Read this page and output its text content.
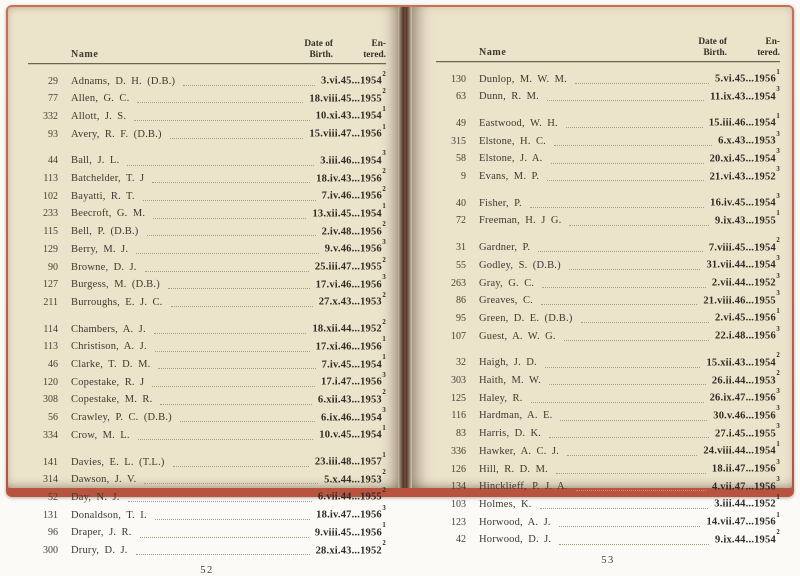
Name
Date of
Birth.
En-
tered.
29 Adnams, D. H. (D.B.)	3.vi.45...1954$^2$
77 Allen, G. C.	18.viii.45...1955$^2$
332 Allott, J. S.	10.xi.43...1954$^1$
93 Avery, R. F. (D.B.)	15.viii.47...1956$^1$
44 Ball, J. L.	3.iii.46...1954$^3$
113 Batchelder, T. J	18.iv.43...1956$^2$
102 Bayatti, R. T.	7.iv.46...1956$^2$
233 Beecroft, G. M.	13.xii.45...1954$^1$
115 Bell, P. (D.B.)	2.iv.48...1956$^2$
129 Berry, M. J.	9.v.46...1956$^3$
90 Browne, D. J.	25.iii.47...1955$^2$
127 Burgess, M. (D.B.)	17.vi.46...1956$^3$
211 Burroughs, E. J. C.	27.x.43...1953$^2$
114 Chambers, A. J.	18.xii.44...1952$^2$
113 Christison, A. J.	17.xi.46...1956$^1$
46 Clarke, T. D. M.	7.iv.45...1954$^1$
120 Copestake, R. J	17.i.47...1956$^3$
308 Copestake, M. R.	6.xii.43...1953$^2$
56 Crawley, P. C. (D.B.)	6.ix.46...1954$^3$
334 Crow, M. L.	10.v.45...1954$^1$
141 Davies, E. L. (T.L.)	23.iii.48...1957$^1$
314 Dawson, J. V.	5.x.44...1953$^2$
52 Day, N. J.	6.vii.44...1955$^2$
131 Donaldson, T. I.	18.iv.47...1956$^3$
96 Draper, J. R.	9.viii.45...1956$^1$
300 Drury, D. J.	28.xi.43...1952$^2$
52
Name
Date of
Birth.
En-
tered.
130 Dunlop, M. W. M.	5.vi.45...1956$^1$
63 Dunn, R. M.	11.ix.43...1954$^3$
49 Eastwood, W. H.	15.iii.46...1954$^1$
315 Elstone, H. C.	6.x.43...1953$^3$
58 Elstone, J. A.	20.xi.45...1954$^3$
9 Evans, M. P.	21.vi.43...1952$^3$
40 Fisher, P.	16.iv.45...1954$^3$
72 Freeman, H. J G.	9.ix.43...1955$^1$
31 Gardner, P.	7.viii.45...1954$^2$
55 Godley, S. (D.B.)	31.vii.44...1954$^3$
263 Gray, G. C.	2.vii.44...1952$^3$
86 Greaves, C.	21.viii.46...1955$^3$
95 Green, D. E. (D.B.)	2.vi.45...1956$^1$
107 Guest, A. W. G.	22.i.48...1956$^3$
32 Haigh, J. D.	15.xii.43...1954$^2$
303 Haith, M. W.	26.ii.44...1953$^2$
125 Haley, R.	26.ix.47...1956$^3$
116 Hardman, A. E.	30.v.46...1956$^3$
83 Harris, D. K.	27.i.45...1955$^3$
336 Hawker, A. C. J.	24.viii.44...1954$^1$
126 Hill, R. D. M.	18.ii.47...1956$^3$
134 Hincklieff, P. J. A.	4.vii.47...1956$^3$
103 Holmes, K.	3.iii.44...1952$^1$
123 Horwood, A. J.	14.vii.47...1956$^1$
42 Horwood, D. J.	9.ix.44...1954$^2$
53
